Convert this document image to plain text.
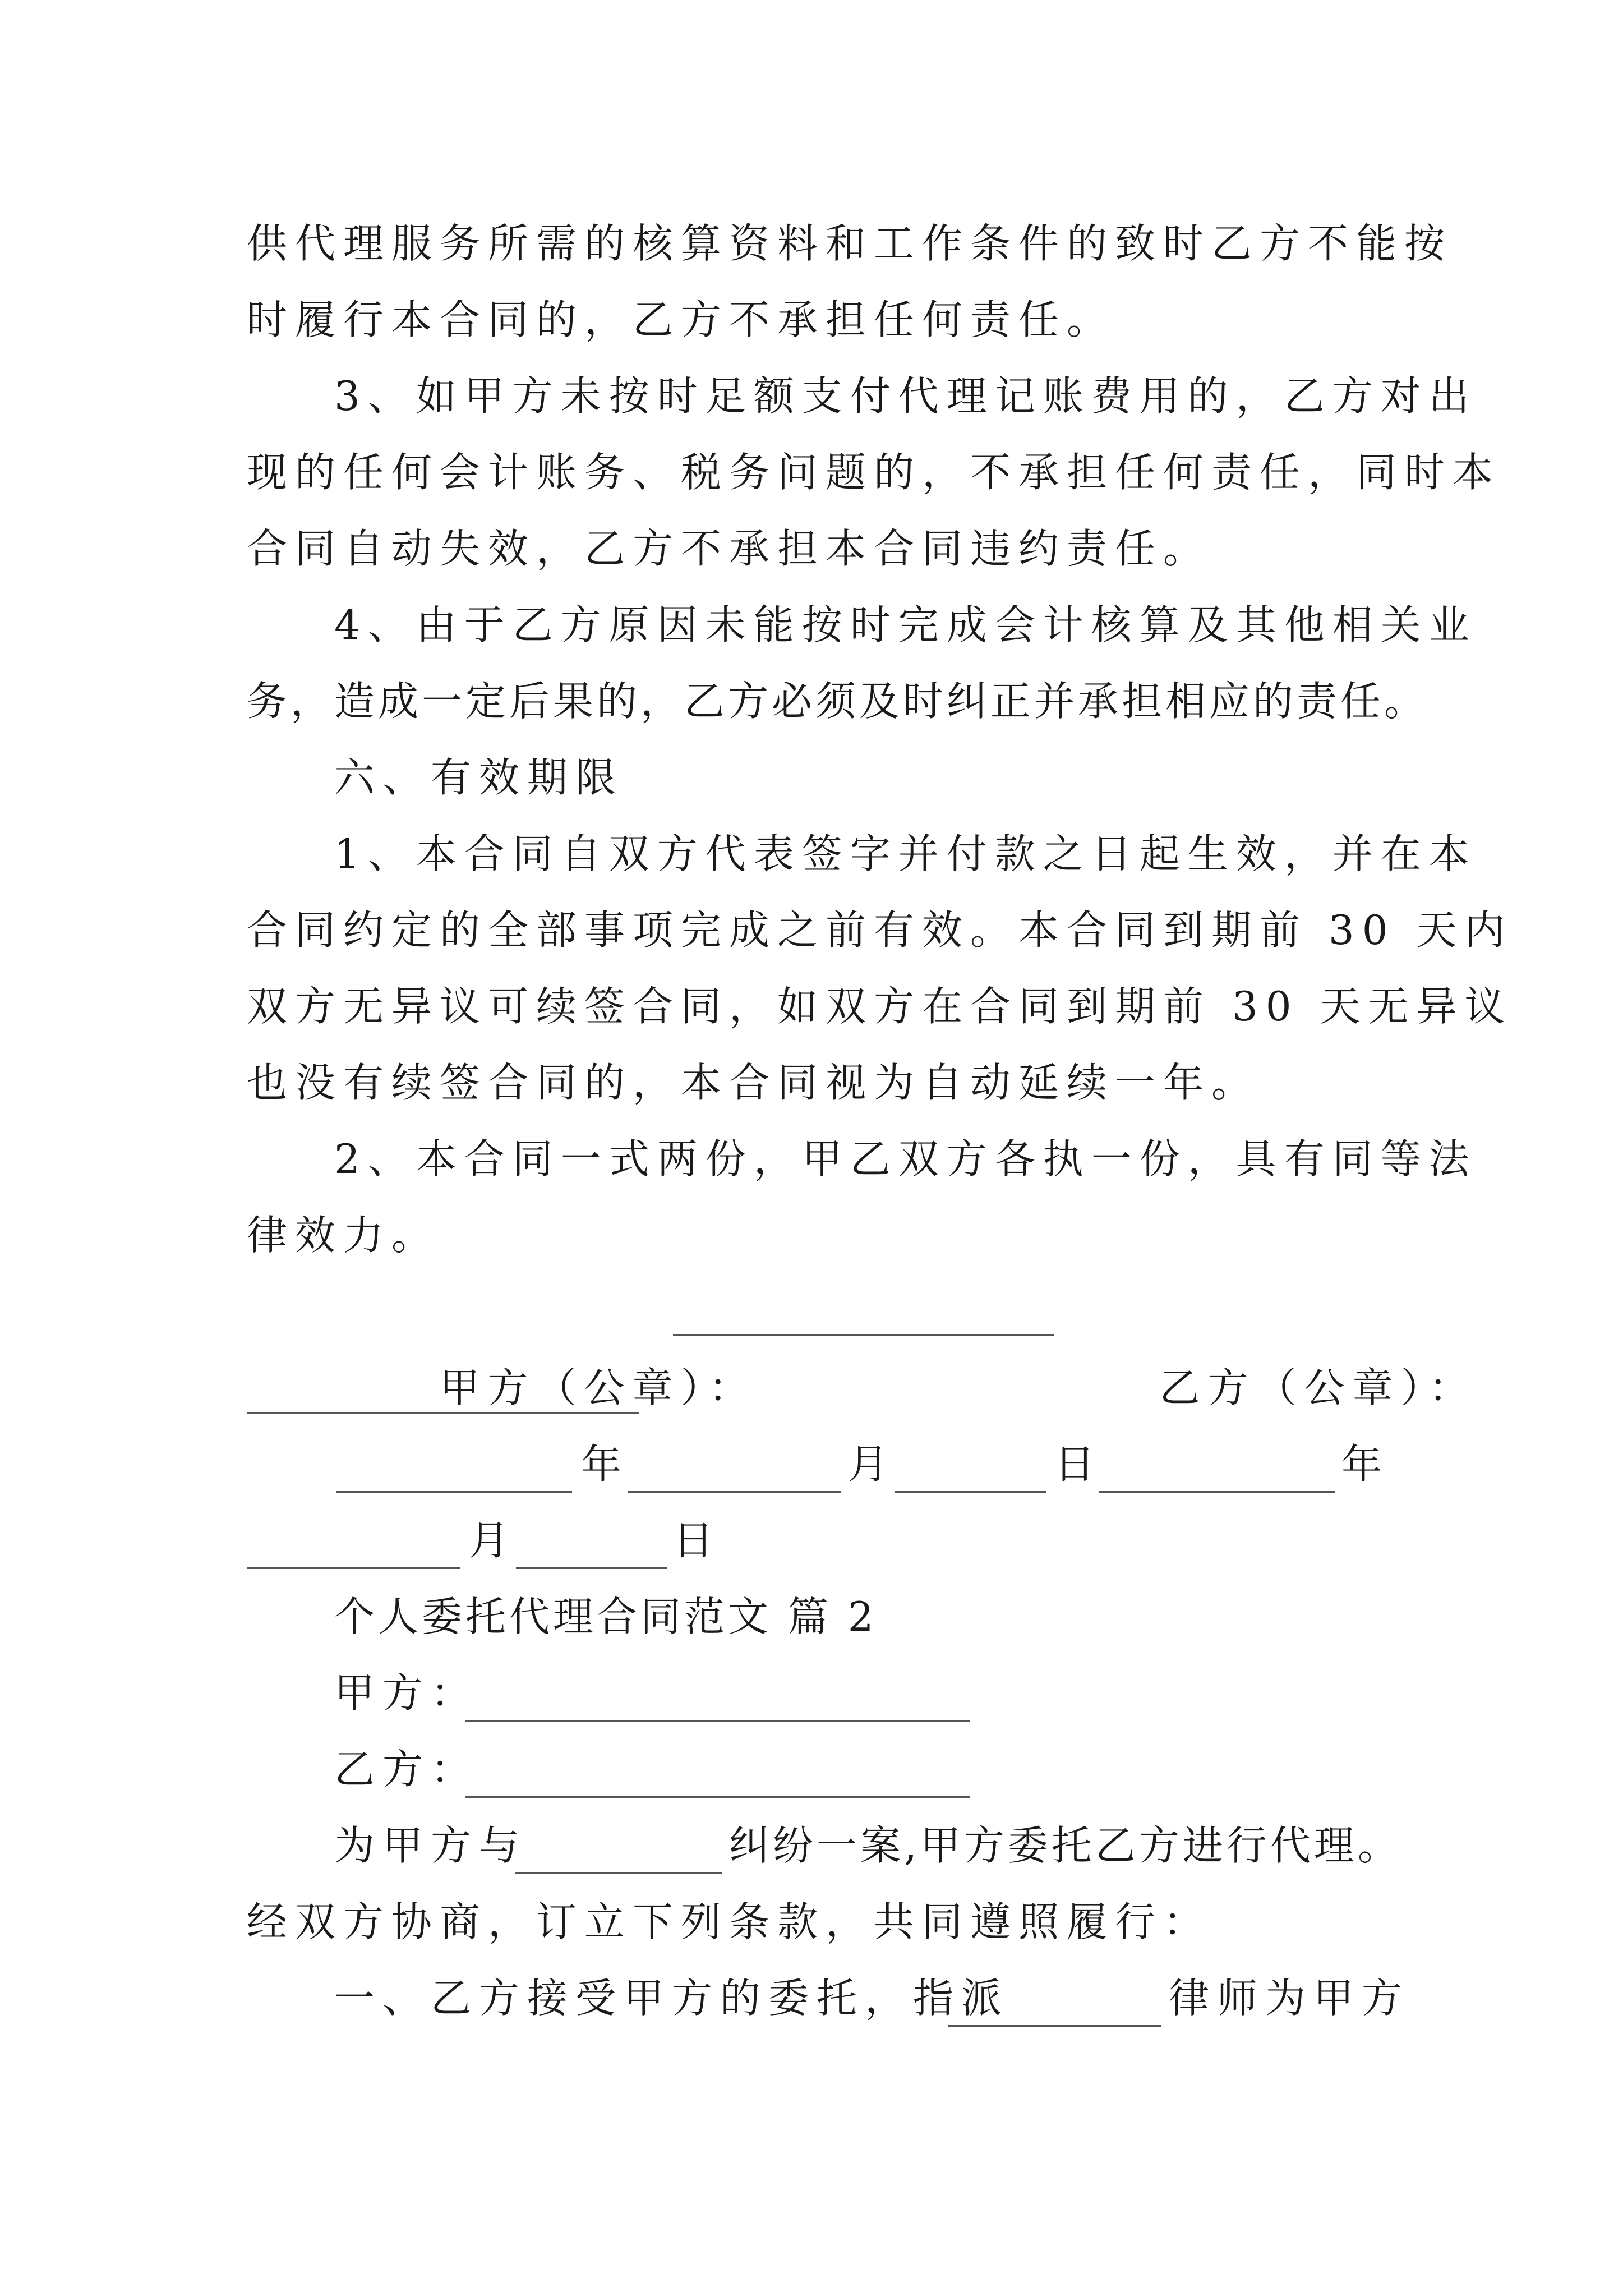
供代理服务所需的核算资料和工作条件的致时乙方不能按
时履行本合同的，乙方不承担任何责任。
3、如甲方未按时足额支付代理记账费用的，乙方对出
现的任何会计账务、税务问题的，不承担任何责任，同时本
合同自动失效，乙方不承担本合同违约责任。
4、由于乙方原因未能按时完成会计核算及其他相关业
务，造成一定后果的，乙方必须及时纠正并承担相应的责任。
六、有效期限
1、本合同自双方代表签字并付款之日起生效，并在本
合同约定的全部事项完成之前有效。本合同到期前 30 天内
双方无异议可续签合同，如双方在合同到期前 30 天无异议
也没有续签合同的，本合同视为自动延续一年。
2、本合同一式两份，甲乙双方各执一份，具有同等法
律效力。

甲方（公章）：
	乙方（公章）：

年	月	日	年
月	日
个人委托代理合同范文 篇 2
甲方：
乙方：
为甲方与	纠纷一案,甲方委托乙方进行代理。
经双方协商，订立下列条款，共同遵照履行：
一、乙方接受甲方的委托，指派	律师为甲方
